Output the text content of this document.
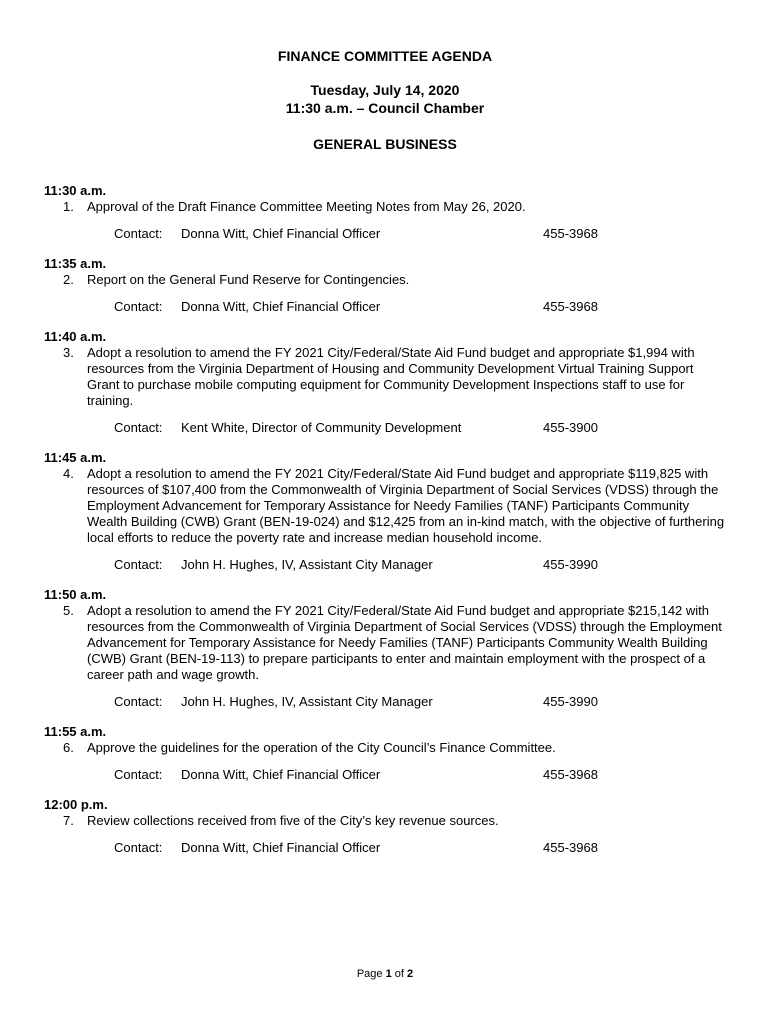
FINANCE COMMITTEE AGENDA
Tuesday, July 14, 2020
11:30 a.m. – Council Chamber
GENERAL BUSINESS
11:30 a.m.
1. Approval of the Draft Finance Committee Meeting Notes from May 26, 2020.
Contact: Donna Witt, Chief Financial Officer	455-3968
11:35 a.m.
2. Report on the General Fund Reserve for Contingencies.
Contact: Donna Witt, Chief Financial Officer	455-3968
11:40 a.m.
3. Adopt a resolution to amend the FY 2021 City/Federal/State Aid Fund budget and appropriate $1,994 with resources from the Virginia Department of Housing and Community Development Virtual Training Support Grant to purchase mobile computing equipment for Community Development Inspections staff to use for training.
Contact: Kent White, Director of Community Development	455-3900
11:45 a.m.
4. Adopt a resolution to amend the FY 2021 City/Federal/State Aid Fund budget and appropriate $119,825 with resources of $107,400 from the Commonwealth of Virginia Department of Social Services (VDSS) through the Employment Advancement for Temporary Assistance for Needy Families (TANF) Participants Community Wealth Building (CWB) Grant (BEN-19-024) and $12,425 from an in-kind match, with the objective of furthering local efforts to reduce the poverty rate and increase median household income.
Contact: John H. Hughes, IV, Assistant City Manager	455-3990
11:50 a.m.
5. Adopt a resolution to amend the FY 2021 City/Federal/State Aid Fund budget and appropriate $215,142 with resources from the Commonwealth of Virginia Department of Social Services (VDSS) through the Employment Advancement for Temporary Assistance for Needy Families (TANF) Participants Community Wealth Building (CWB) Grant (BEN-19-113) to prepare participants to enter and maintain employment with the prospect of a career path and wage growth.
Contact: John H. Hughes, IV, Assistant City Manager	455-3990
11:55 a.m.
6. Approve the guidelines for the operation of the City Council’s Finance Committee.
Contact: Donna Witt, Chief Financial Officer	455-3968
12:00 p.m.
7. Review collections received from five of the City’s key revenue sources.
Contact: Donna Witt, Chief Financial Officer	455-3968
Page 1 of 2
